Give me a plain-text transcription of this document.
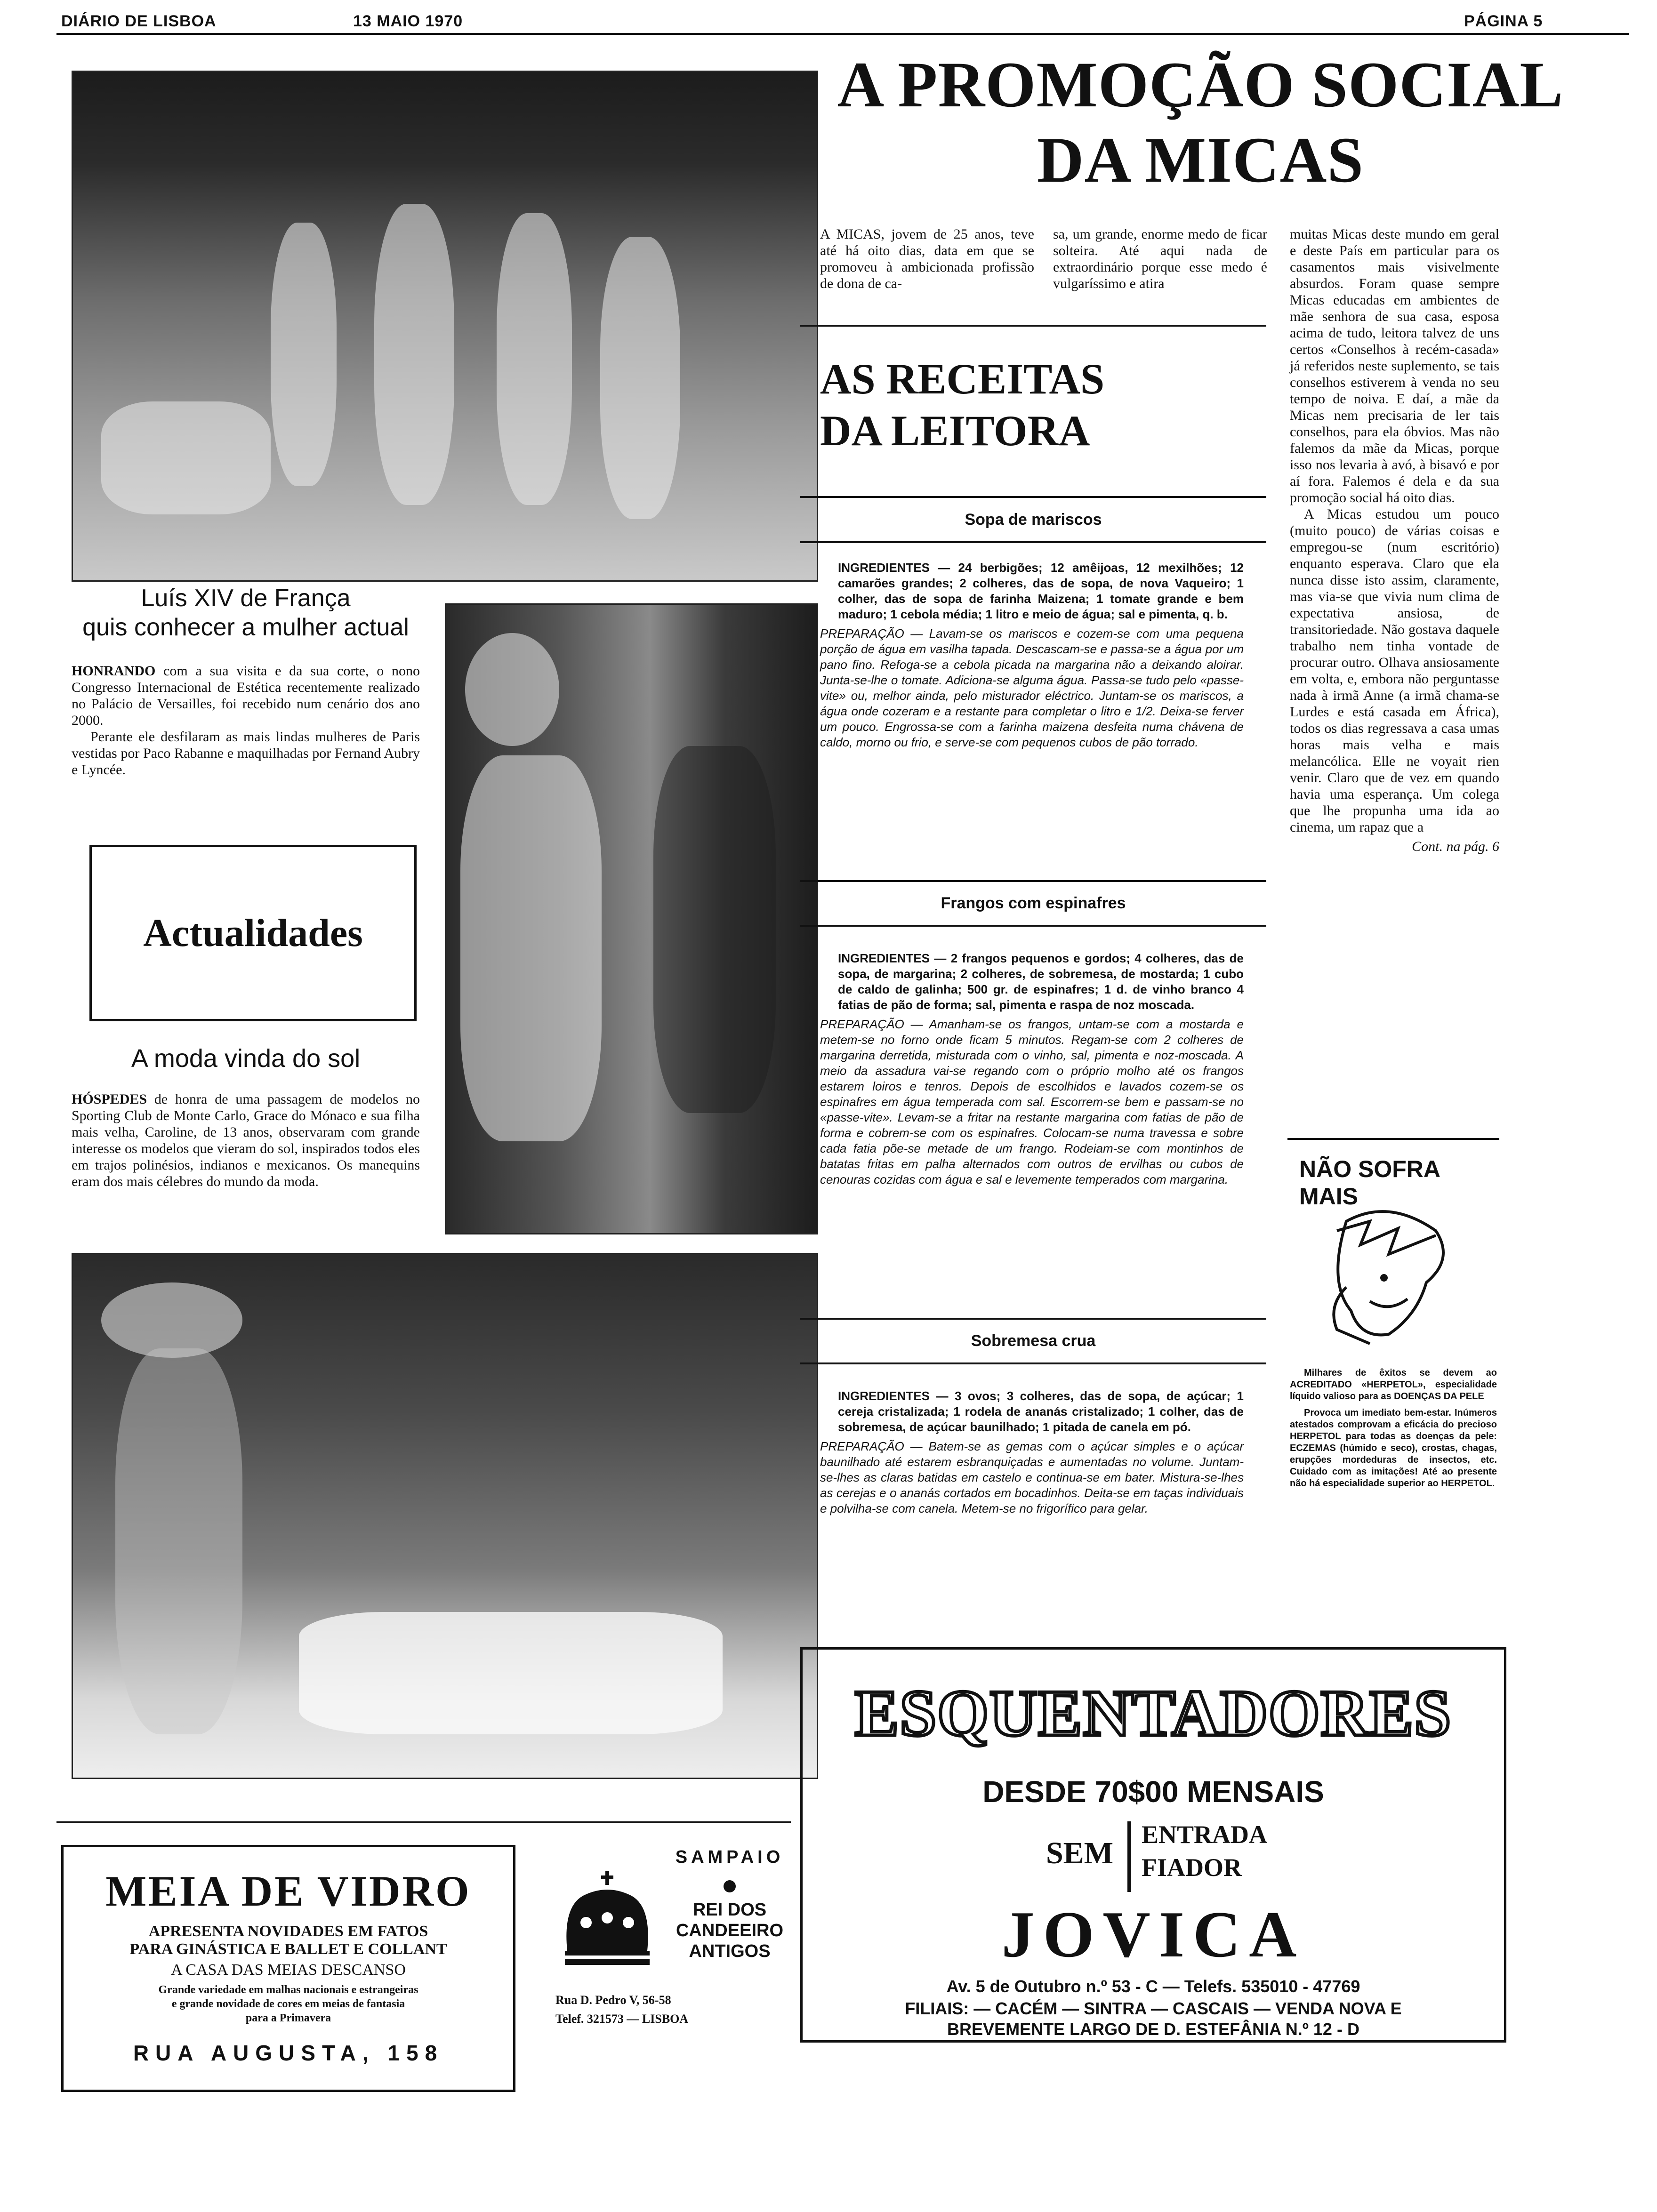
DIÁRIO DE LISBOA	13 MAIO 1970	PÁGINA 5
Luís XIV de França
quis conhecer a mulher actual

HONRANDO com a sua visita e da sua corte, o nono Congresso Internacional de Estética recentemente realizado no Palácio de Versailles, foi recebido num cenário dos ano 2000.

Perante ele desfilaram as mais lindas mulheres de Paris vestidas por Paco Rabanne e maquilhadas por Fernand Aubry e Lyncée.

Actualidades
A moda vinda do sol

HÓSPEDES de honra de uma passagem de modelos no Sporting Club de Monte Carlo, Grace do Mónaco e sua filha mais velha, Caroline, de 13 anos, observaram com grande interesse os modelos que vieram do sol, inspirados todos eles em trajos polinésios, indianos e mexicanos. Os manequins eram dos mais célebres do mundo da moda.

A PROMOÇÃO SOCIAL
DA MICAS
A MICAS, jovem de 25 anos, teve até há oito dias, data em que se promoveu à ambicionada profissão de dona de ca-
sa, um grande, enorme medo de ficar solteira. Até aqui nada de extraordinário porque esse medo é vulgaríssimo e atira

muitas Micas deste mundo em geral e deste País em particular para os casamentos mais visivelmente absurdos. Foram quase sempre Micas educadas em ambientes de mãe senhora de sua casa, esposa acima de tudo, leitora talvez de uns certos «Conselhos à recém-casada» já referidos neste suplemento, se tais conselhos estiverem à venda no seu tempo de noiva. E daí, a mãe da Micas nem precisaria de ler tais conselhos, para ela óbvios. Mas não falemos da mãe da Micas, porque isso nos levaria à avó, à bisavó e por aí fora. Falemos é dela e da sua promoção social há oito dias.

A Micas estudou um pouco (muito pouco) de várias coisas e empregou-se (num escritório) enquanto esperava. Claro que ela nunca disse isto assim, claramente, mas via-se que vivia num clima de expectativa ansiosa, de transitoriedade. Não gostava daquele trabalho nem tinha vontade de procurar outro. Olhava ansiosamente em volta, e, embora não perguntasse nada à irmã Anne (a irmã chama-se Lurdes e está casada em África), todos os dias regressava a casa umas horas mais velha e mais melancólica. Elle ne voyait rien venir. Claro que de vez em quando havia uma esperança. Um colega que lhe propunha uma ida ao cinema, um rapaz que a

Cont. na pág. 6

AS RECEITAS
DA LEITORA
Sopa de mariscos

INGREDIENTES — 24 berbigões; 12 amêijoas, 12 mexilhões; 12 camarões grandes; 2 colheres, das de sopa, de nova Vaqueiro; 1 colher, das de sopa de farinha Maizena; 1 tomate grande e bem maduro; 1 cebola média; 1 litro e meio de água; sal e pimenta, q. b.

PREPARAÇÃO — Lavam-se os mariscos e cozem-se com uma pequena porção de água em vasilha tapada. Descascam-se e passa-se a água por um pano fino. Refoga-se a cebola picada na margarina não a deixando aloirar. Junta-se-lhe o tomate. Adiciona-se alguma água. Passa-se tudo pelo «passe-vite» ou, melhor ainda, pelo misturador eléctrico. Juntam-se os mariscos, a água onde cozeram e a restante para completar o litro e 1/2. Deixa-se ferver um pouco. Engrossa-se com a farinha maizena desfeita numa chávena de caldo, morno ou frio, e serve-se com pequenos cubos de pão torrado.

Frangos com espinafres

INGREDIENTES — 2 frangos pequenos e gordos; 4 colheres, das de sopa, de margarina; 2 colheres, de sobremesa, de mostarda; 1 cubo de caldo de galinha; 500 gr. de espinafres; 1 d. de vinho branco 4 fatias de pão de forma; sal, pimenta e raspa de noz moscada.

PREPARAÇÃO — Amanham-se os frangos, untam-se com a mostarda e metem-se no forno onde ficam 5 minutos. Regam-se com 2 colheres de margarina derretida, misturada com o vinho, sal, pimenta e noz-moscada. A meio da assadura vai-se regando com o próprio molho até os frangos estarem loiros e tenros. Depois de escolhidos e lavados cozem-se os espinafres em água temperada com sal. Escorrem-se bem e passam-se no «passe-vite». Levam-se a fritar na restante margarina com fatias de pão de forma e cobrem-se com os espinafres. Colocam-se numa travessa e sobre cada fatia põe-se metade de um frango. Rodeiam-se com montinhos de batatas fritas em palha alternados com outros de ervilhas ou cubos de cenouras cozidas com água e sal e levemente temperados com margarina.

Sobremesa crua

INGREDIENTES — 3 ovos; 3 colheres, das de sopa, de açúcar; 1 cereja cristalizada; 1 rodela de ananás cristalizado; 1 colher, das de sobremesa, de açúcar baunilhado; 1 pitada de canela em pó.

PREPARAÇÃO — Batem-se as gemas com o açúcar simples e o açúcar baunilhado até estarem esbranquiçadas e aumentadas no volume. Juntam-se-lhes as claras batidas em castelo e continua-se em bater. Mistura-se-lhes as cerejas e o ananás cortados em bocadinhos. Deita-se em taças individuais e polvilha-se com canela. Metem-se no frigorífico para gelar.

NÃO SOFRA MAIS

Milhares de êxitos se devem ao ACREDITADO «HERPETOL», especialidade líquido valioso para as DOENÇAS DA PELE

Provoca um imediato bem-estar. Inúmeros atestados comprovam a eficácia do precioso HERPETOL para todas as doenças da pele: ECZEMAS (húmido e seco), crostas, chagas, erupções mordeduras de insectos, etc. Cuidado com as imitações! Até ao presente não há especialidade superior ao HERPETOL.

ESQUENTADORES
DESDE 70$00 MENSAIS
SEM
ENTRADA
FIADOR
JOVICA
Av. 5 de Outubro n.º 53 - C — Telefs. 535010 - 47769
FILIAIS: — CACÉM — SINTRA — CASCAIS — VENDA NOVA E
BREVEMENTE LARGO DE D. ESTEFÂNIA N.º 12 - D
MEIA DE VIDRO
APRESENTA NOVIDADES EM FATOS
PARA GINÁSTICA E BALLET E COLLANT
A CASA DAS MEIAS DESCANSO
Grande variedade em malhas nacionais e estrangeiras
e grande novidade de cores em meias de fantasia
para a Primavera
RUA AUGUSTA, 158
SAMPAIO
REI DOS
CANDEEIRO
ANTIGOS
Rua D. Pedro V, 56-58
Telef. 321573 — LISBOA
